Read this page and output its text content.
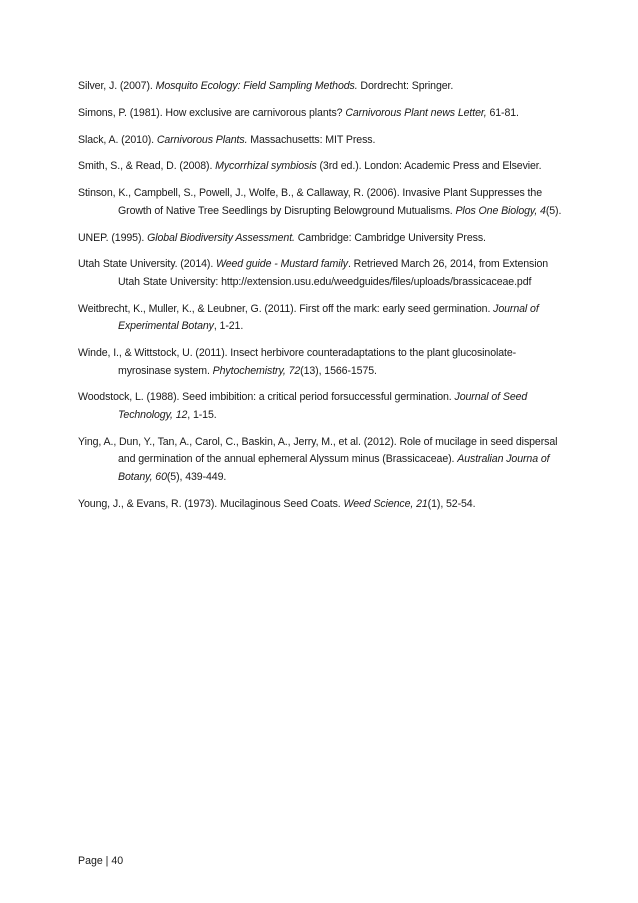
Silver, J. (2007). Mosquito Ecology: Field Sampling Methods. Dordrecht: Springer.

Simons, P. (1981). How exclusive are carnivorous plants? Carnivorous Plant news Letter, 61-81.

Slack, A. (2010). Carnivorous Plants. Massachusetts: MIT Press.

Smith, S., & Read, D. (2008). Mycorrhizal symbiosis (3rd ed.). London: Academic Press and Elsevier.

Stinson, K., Campbell, S., Powell, J., Wolfe, B., & Callaway, R. (2006). Invasive Plant Suppresses the Growth of Native Tree Seedlings by Disrupting Belowground Mutualisms. Plos One Biology, 4(5).

UNEP. (1995). Global Biodiversity Assessment. Cambridge: Cambridge University Press.

Utah State University. (2014). Weed guide - Mustard family. Retrieved March 26, 2014, from Extension Utah State University: http://extension.usu.edu/weedguides/files/uploads/brassicaceae.pdf

Weitbrecht, K., Muller, K., & Leubner, G. (2011). First off the mark: early seed germination. Journal of Experimental Botany, 1-21.

Winde, I., & Wittstock, U. (2011). Insect herbivore counteradaptations to the plant glucosinolate-myrosinase system. Phytochemistry, 72(13), 1566-1575.

Woodstock, L. (1988). Seed imbibition: a critical period forsuccessful germination. Journal of Seed Technology, 12, 1-15.

Ying, A., Dun, Y., Tan, A., Carol, C., Baskin, A., Jerry, M., et al. (2012). Role of mucilage in seed dispersal and germination of the annual ephemeral Alyssum minus (Brassicaceae). Australian Journa of Botany, 60(5), 439-449.

Young, J., & Evans, R. (1973). Mucilaginous Seed Coats. Weed Science, 21(1), 52-54.

Page | 40
